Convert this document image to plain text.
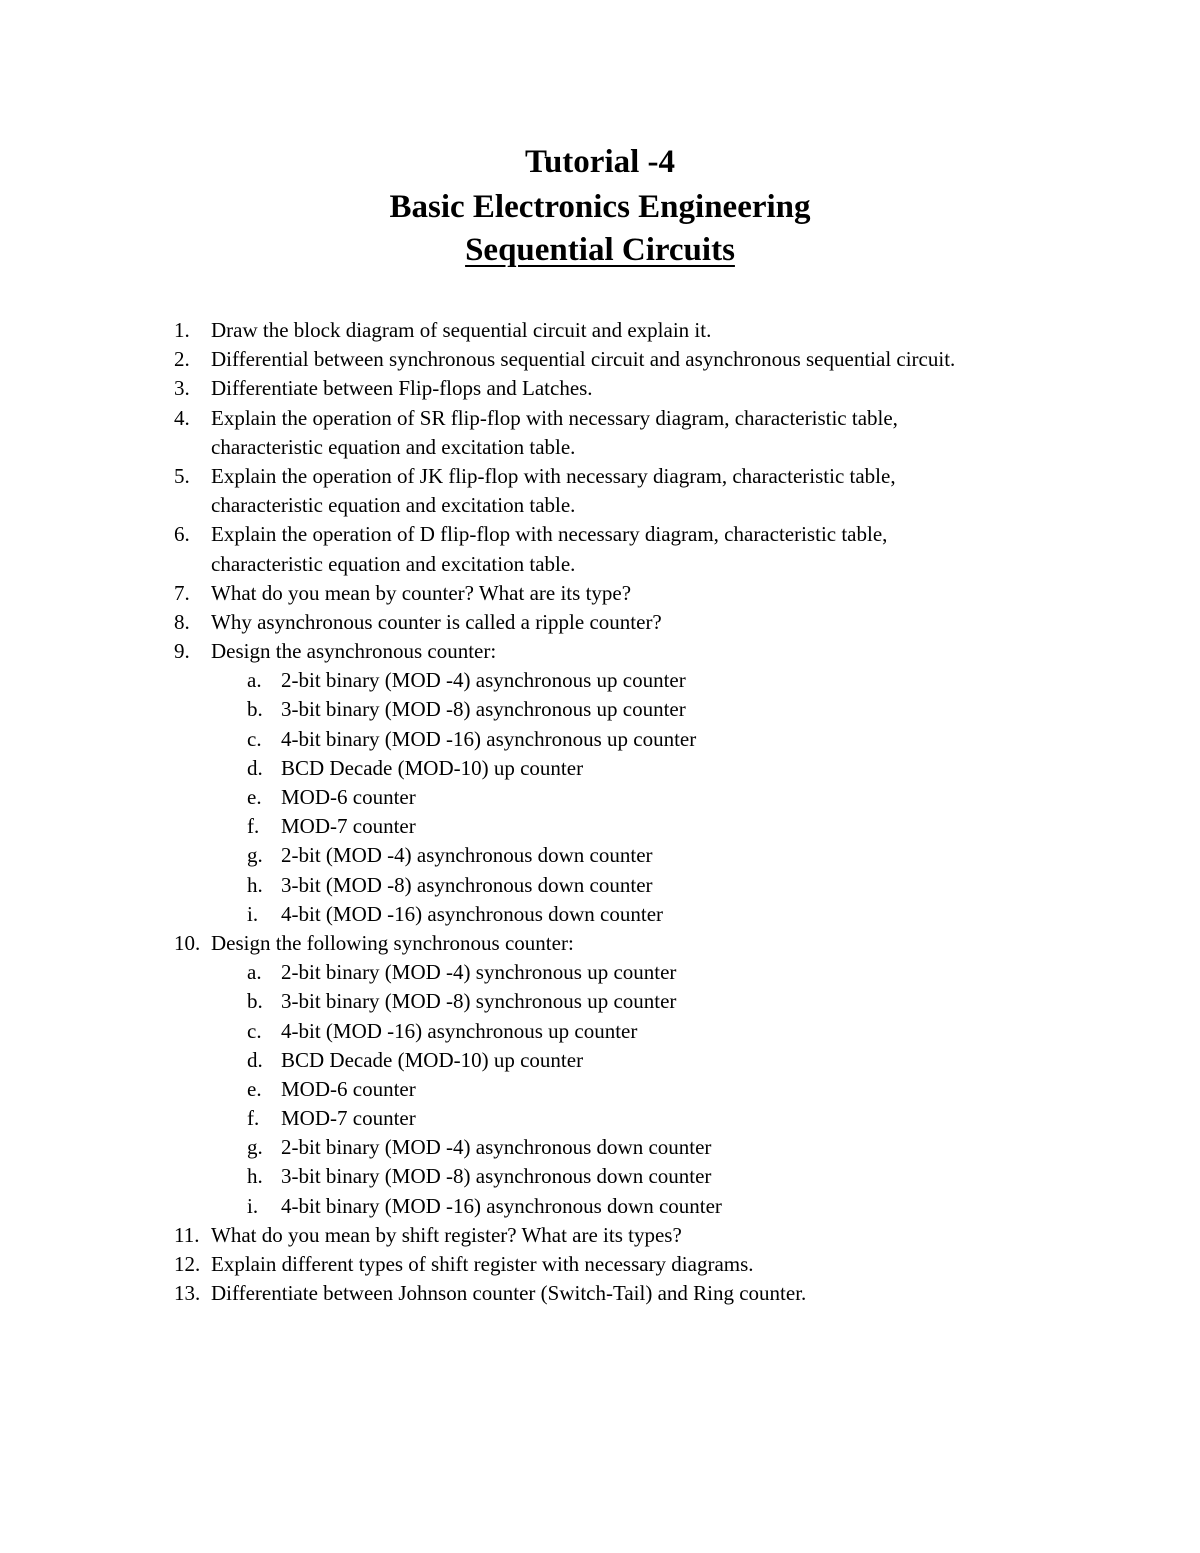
Tutorial -4
Basic Electronics Engineering
Sequential Circuits
1. Draw the block diagram of sequential circuit and explain it.
2. Differential between synchronous sequential circuit and asynchronous sequential circuit.
3. Differentiate between Flip-flops and Latches.
4. Explain the operation of SR flip-flop with necessary diagram, characteristic table,
characteristic equation and excitation table.
5. Explain the operation of JK flip-flop with necessary diagram, characteristic table,
characteristic equation and excitation table.
6. Explain the operation of D flip-flop with necessary diagram, characteristic table,
characteristic equation and excitation table.
7. What do you mean by counter? What are its type?
8. Why asynchronous counter is called a ripple counter?
9. Design the asynchronous counter:
a. 2-bit binary (MOD -4) asynchronous up counter
b. 3-bit binary (MOD -8) asynchronous up counter
c. 4-bit binary (MOD -16) asynchronous up counter
d. BCD Decade (MOD-10) up counter
e. MOD-6 counter
f. MOD-7 counter
g. 2-bit (MOD -4) asynchronous down counter
h. 3-bit (MOD -8) asynchronous down counter
i. 4-bit (MOD -16) asynchronous down counter
10. Design the following synchronous counter:
a. 2-bit binary (MOD -4) synchronous up counter
b. 3-bit binary (MOD -8) synchronous up counter
c. 4-bit (MOD -16) asynchronous up counter
d. BCD Decade (MOD-10) up counter
e. MOD-6 counter
f. MOD-7 counter
g. 2-bit binary (MOD -4) asynchronous down counter
h. 3-bit binary (MOD -8) asynchronous down counter
i. 4-bit binary (MOD -16) asynchronous down counter
11. What do you mean by shift register? What are its types?
12. Explain different types of shift register with necessary diagrams.
13. Differentiate between Johnson counter (Switch-Tail) and Ring counter.
